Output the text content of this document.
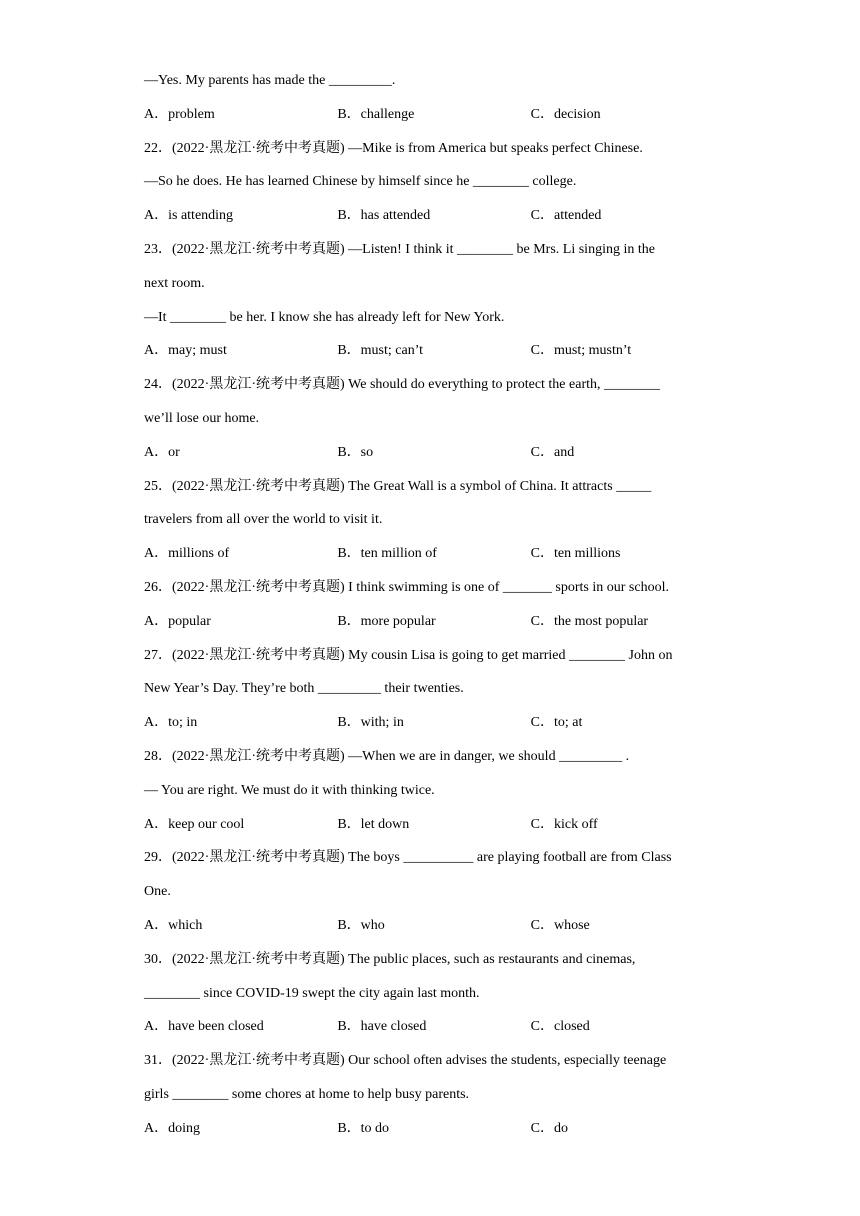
—Yes. My parents has made the _________.
A．problem	B．challenge	C．decision
22．(2022·黑龙江·统考中考真题) —Mike is from America but speaks perfect Chinese.
—So he does. He has learned Chinese by himself since he ________ college.
A．is attending	B．has attended	C．attended
23．(2022·黑龙江·统考中考真题) —Listen! I think it ________ be Mrs. Li singing in the
next room.
—It ________ be her. I know she has already left for New York.
A．may; must	B．must; can’t	C．must; mustn’t
24．(2022·黑龙江·统考中考真题) We should do everything to protect the earth, ________
we’ll lose our home.
A．or	B．so	C．and
25．(2022·黑龙江·统考中考真题) The Great Wall is a symbol of China. It attracts _____
travelers from all over the world to visit it.
A．millions of	B．ten million of	C．ten millions
26．(2022·黑龙江·统考中考真题) I think swimming is one of _______ sports in our school.
A．popular	B．more popular	C．the most popular
27．(2022·黑龙江·统考中考真题) My cousin Lisa is going to get married ________ John on
New Year’s Day. They’re both _________ their twenties.
A．to; in	B．with; in	C．to; at
28．(2022·黑龙江·统考中考真题) —When we are in danger, we should _________ .
— You are right. We must do it with thinking twice.
A．keep our cool	B．let down	C．kick off
29．(2022·黑龙江·统考中考真题) The boys __________ are playing football are from Class
One.
A．which	B．who	C．whose
30．(2022·黑龙江·统考中考真题) The public places, such as restaurants and cinemas,
________ since COVID-19 swept the city again last month.
A．have been closed	B．have closed	C．closed
31．(2022·黑龙江·统考中考真题) Our school often advises the students, especially teenage
girls ________ some chores at home to help busy parents.
A．doing	B．to do	C．do
